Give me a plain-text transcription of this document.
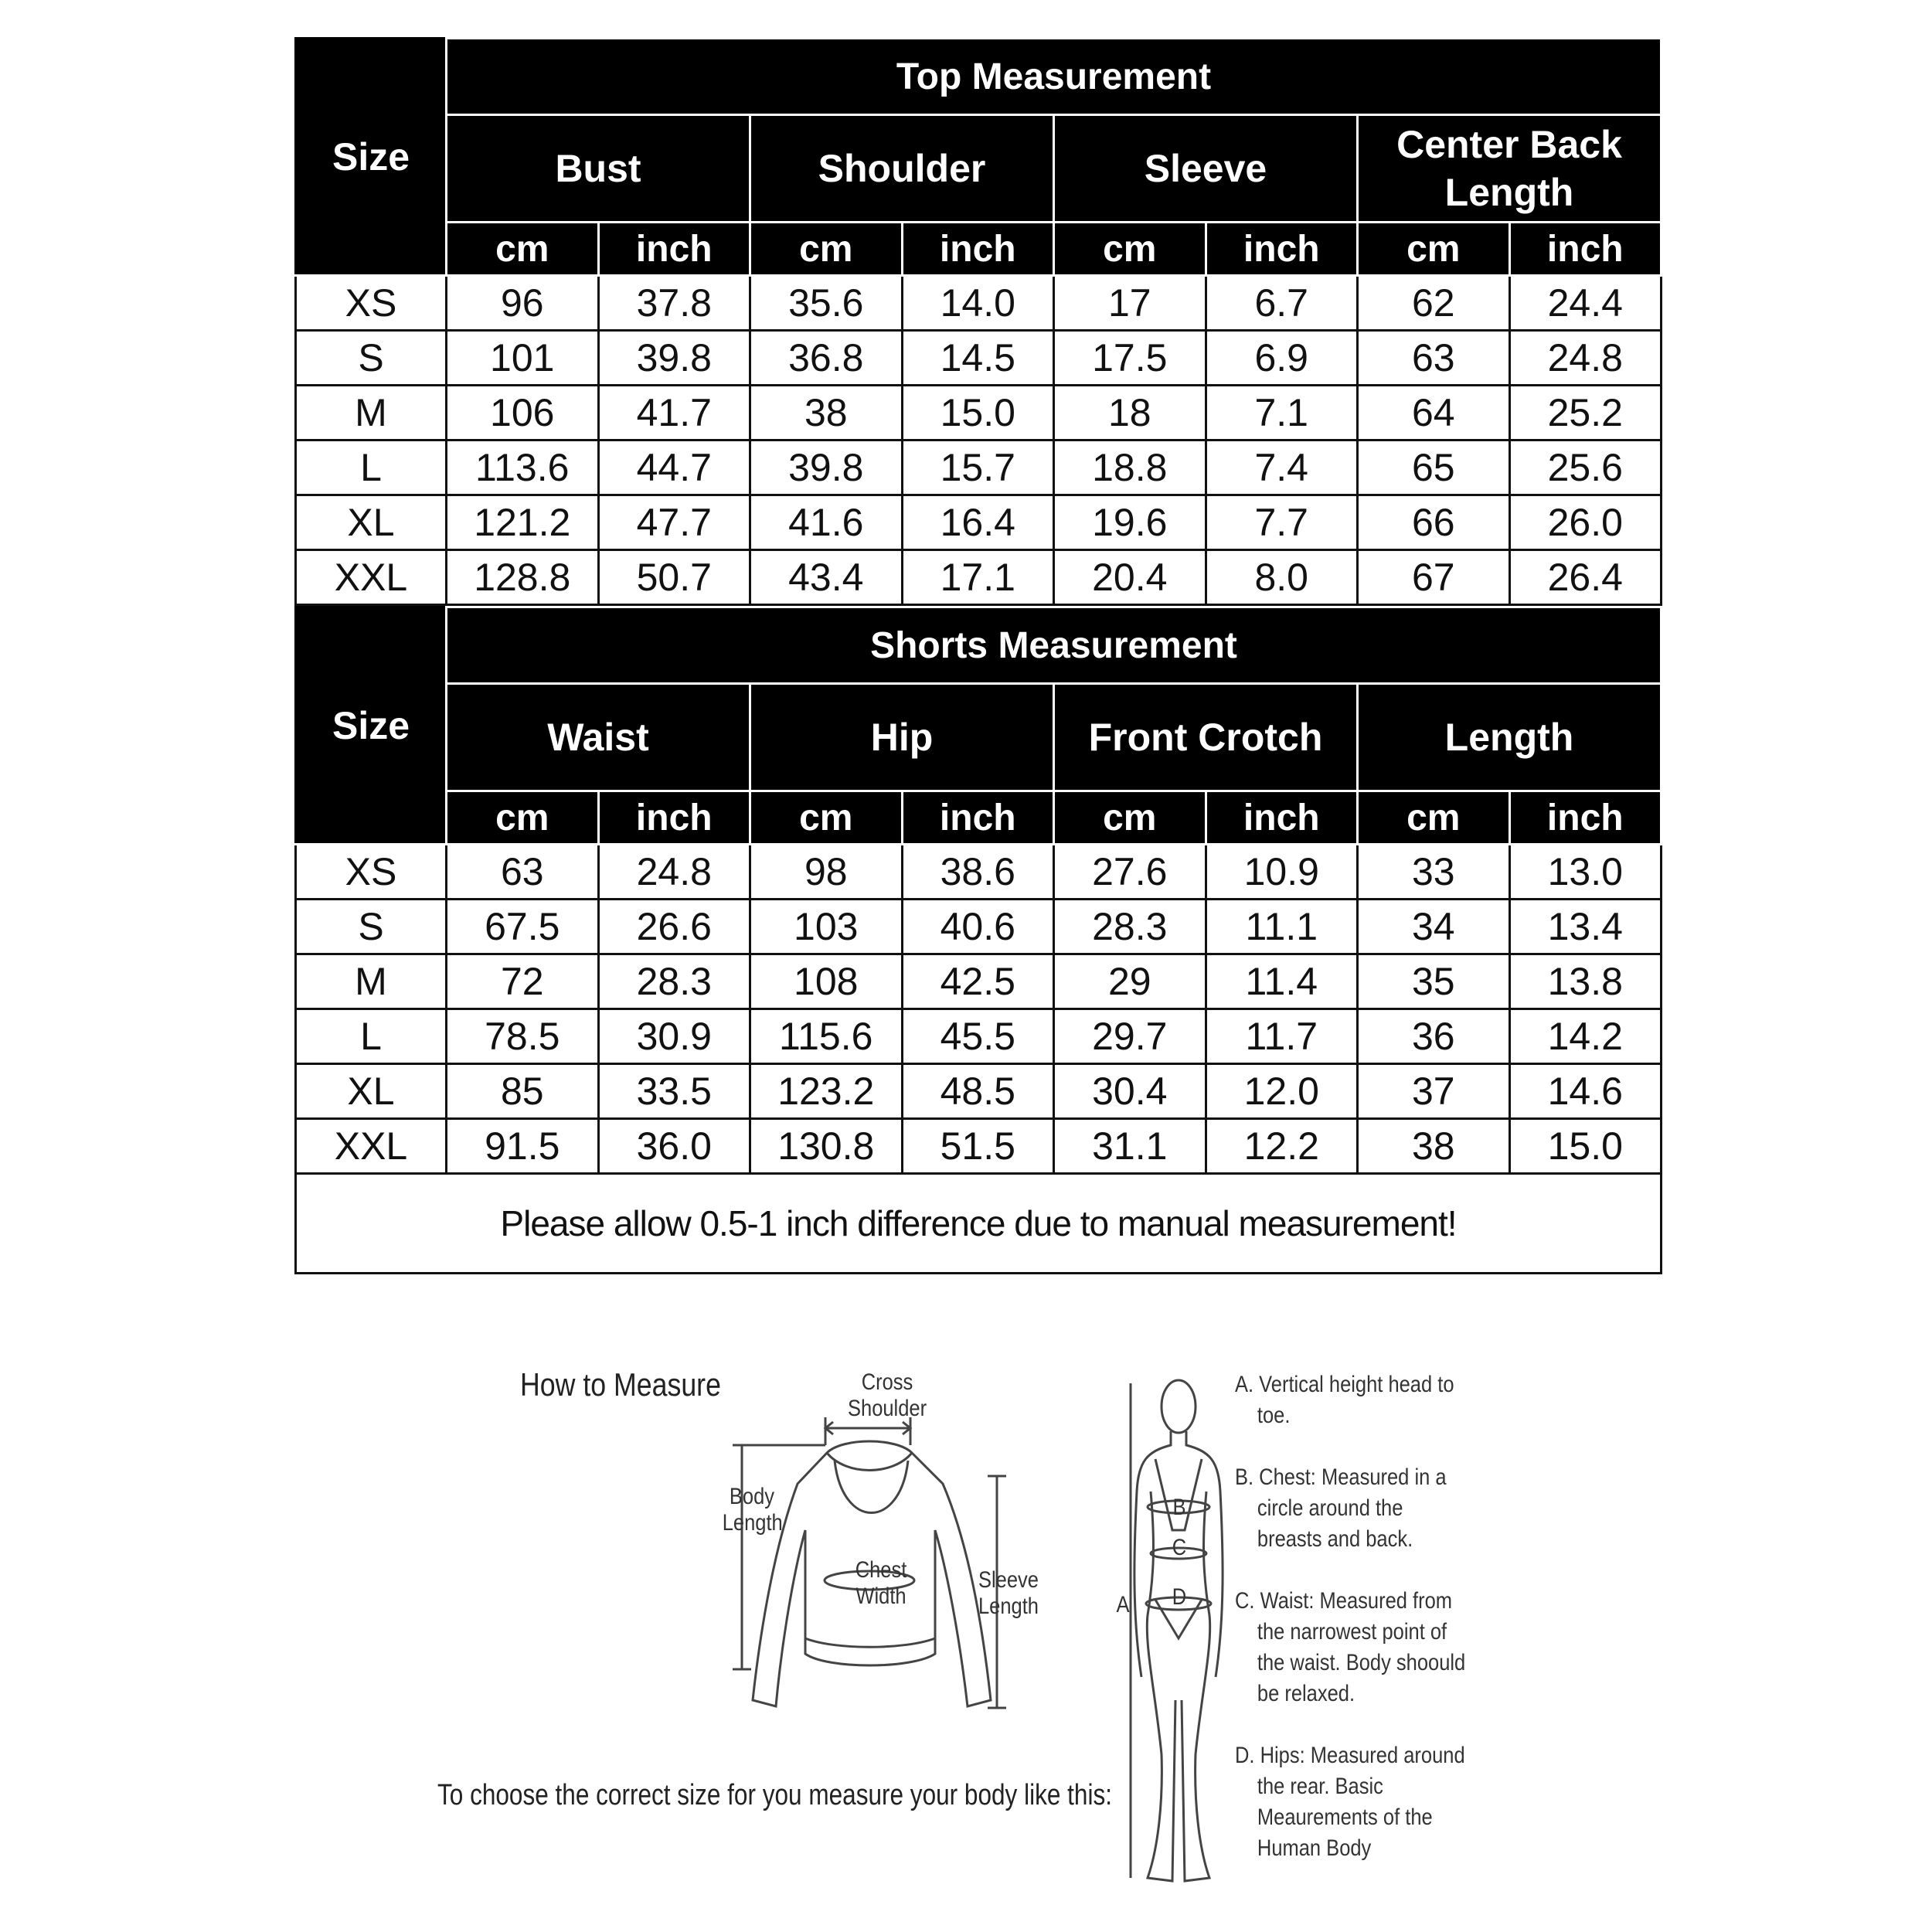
Size	Top Measurement							
	Bust		Shoulder		Sleeve		Center Back Length	
	cm	inch	cm	inch	cm	inch	cm	inch
XS	96	37.8	35.6	14.0	17	6.7	62	24.4
S	101	39.8	36.8	14.5	17.5	6.9	63	24.8
M	106	41.7	38	15.0	18	7.1	64	25.2
L	113.6	44.7	39.8	15.7	18.8	7.4	65	25.6
XL	121.2	47.7	41.6	16.4	19.6	7.7	66	26.0
XXL	128.8	50.7	43.4	17.1	20.4	8.0	67	26.4
Size	Shorts Measurement							
	Waist		Hip		Front Crotch		Length	
	cm	inch	cm	inch	cm	inch	cm	inch
XS	63	24.8	98	38.6	27.6	10.9	33	13.0
S	67.5	26.6	103	40.6	28.3	11.1	34	13.4
M	72	28.3	108	42.5	29	11.4	35	13.8
L	78.5	30.9	115.6	45.5	29.7	11.7	36	14.2
XL	85	33.5	123.2	48.5	30.4	12.0	37	14.6
XXL	91.5	36.0	130.8	51.5	31.1	12.2	38	15.0
Please allow 0.5-1 inch difference due to manual measurement!
How to Measure	Cross Shoulder
Body Length
Chest Width
Sleeve Length	A
B
C
D

A. Vertical height head to toe.

B. Chest: Measured in a circle around the breasts and back.

C. Waist: Measured from the narrowest point of the waist. Body shoould be relaxed.

D. Hips: Measured around the rear. Basic Meaurements of the Human Body

To choose the correct size for you measure your body like this:
